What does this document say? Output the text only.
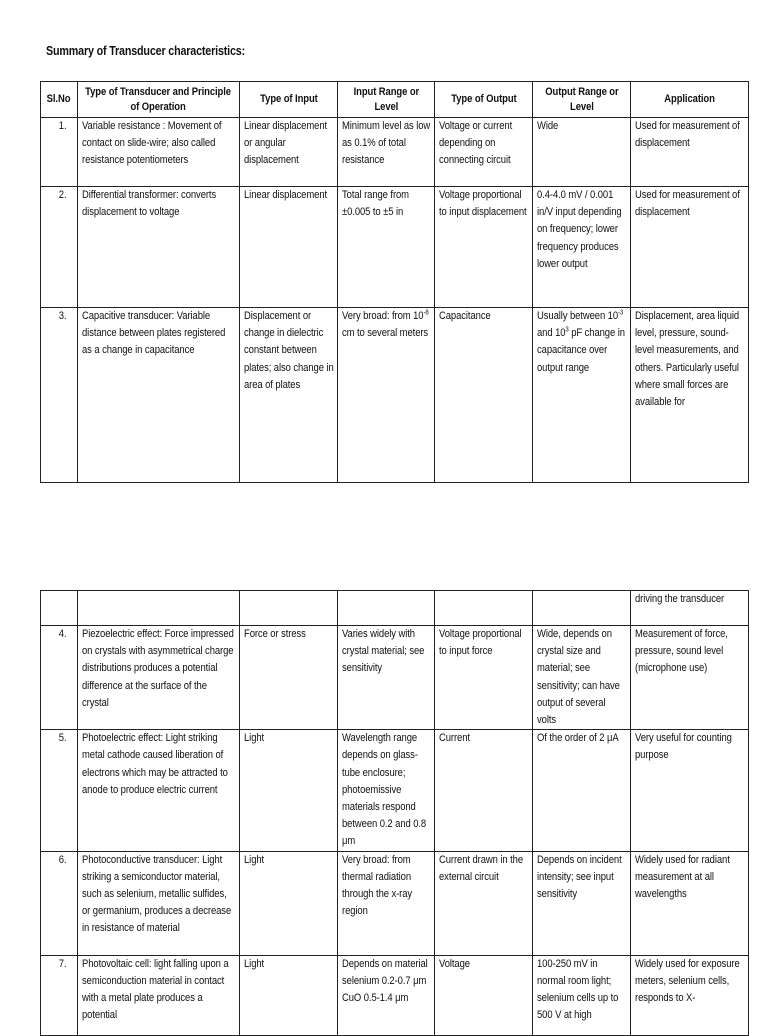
Summary of Transducer characteristics:
Sl.No	Type of Transducer and Principle of Operation	Type of Input	Input Range or Level	Type of Output	Output Range or Level	Application

1.	Variable resistance : Movement of contact on slide-wire; also called resistance potentiometers	Linear displacement or angular displacement	Minimum level as low as 0.1% of total resistance	Voltage or current depending on connecting circuit	Wide	Used for measurement of displacement

2.	Differential transformer: converts displacement to voltage	Linear displacement	Total range from ±0.005 to ±5 in	Voltage proportional to input displacement	0.4-4.0 mV / 0.001 in/V input depending on frequency; lower frequency produces lower output	Used for measurement of displacement

3.	Capacitive transducer: Variable distance between plates registered as a change in capacitance	Displacement or change in dielectric constant between plates; also change in area of plates	Very broad: from $10^{-8}$ cm to several meters	Capacitance	Usually between $10^{-3}$ and $10^3$ pF change in capacitance over output range	Displacement, area liquid level, pressure, sound-level measurements, and others. Particularly useful where small forces are available for

						driving the transducer

4.	Piezoelectric effect: Force impressed on crystals with asymmetrical charge distributions produces a potential difference at the surface of the crystal	Force or stress	Varies widely with crystal material; see sensitivity	Voltage proportional to input force	Wide, depends on crystal size and material; see sensitivity; can have output of several volts	Measurement of force, pressure, sound level (microphone use)

5.	Photoelectric effect: Light striking metal cathode caused liberation of electrons which may be attracted to anode to produce electric current	Light	Wavelength range depends on glass-tube enclosure; photoemissive materials respond between 0.2 and 0.8 μm	Current	Of the order of 2 μA	Very useful for counting purpose

6.	Photoconductive transducer: Light striking a semiconductor material, such as selenium, metallic sulfides, or germanium, produces a decrease in resistance of material	Light	Very broad: from thermal radiation through the x-ray region	Current drawn in the external circuit	Depends on incident intensity; see input sensitivity	Widely used for radiant measurement at all wavelengths

7.	Photovoltaic cell: light falling upon a semiconduction material in contact with a metal plate produces a potential	Light	Depends on material selenium 0.2-0.7 μm CuO 0.5-1.4 μm	Voltage	100-250 mV in normal room light; selenium cells up to 500 V at high	Widely used for exposure meters, selenium cells, responds to X-
